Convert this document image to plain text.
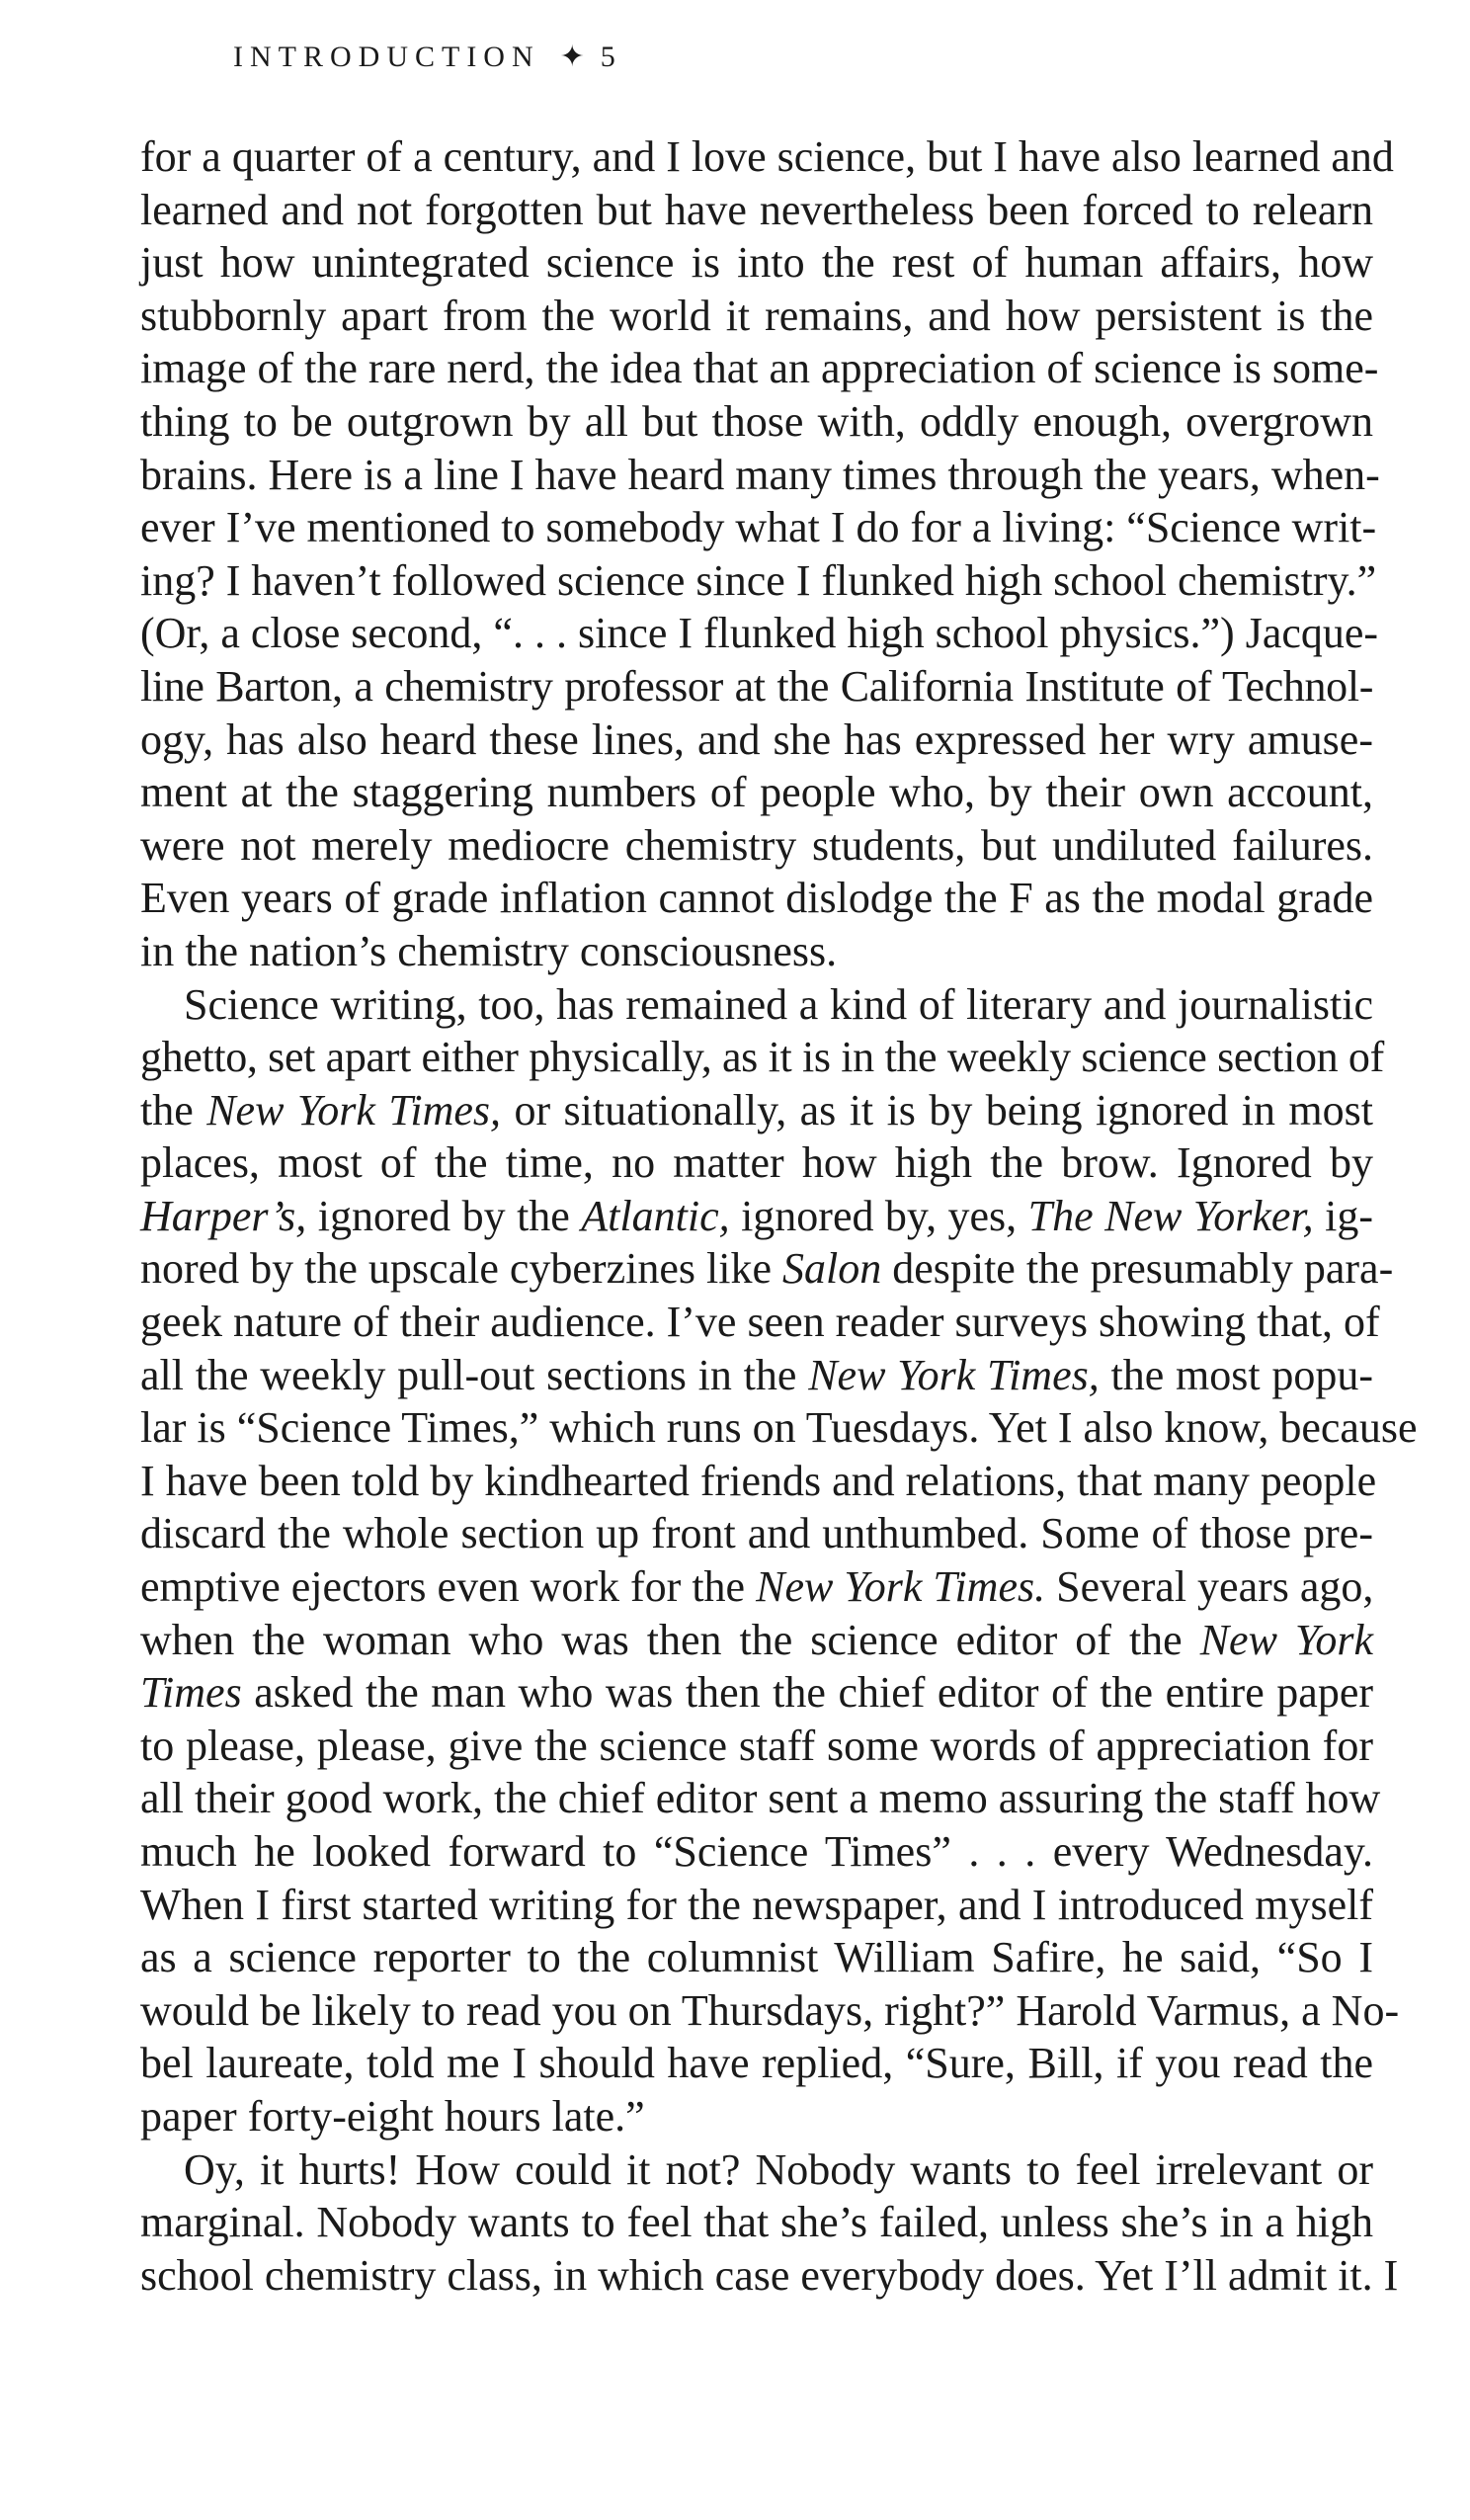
INTRODUCTION ✦ 5
for a quarter of a century, and I love science, but I have also learned and
learned and not forgotten but have nevertheless been forced to relearn
just how unintegrated science is into the rest of human affairs, how
stubbornly apart from the world it remains, and how persistent is the
image of the rare nerd, the idea that an appreciation of science is some-
thing to be outgrown by all but those with, oddly enough, overgrown
brains. Here is a line I have heard many times through the years, when-
ever I’ve mentioned to somebody what I do for a living: “Science writ-
ing? I haven’t followed science since I flunked high school chemistry.”
(Or, a close second, “. . . since I flunked high school physics.”) Jacque-
line Barton, a chemistry professor at the California Institute of Technol-
ogy, has also heard these lines, and she has expressed her wry amuse-
ment at the staggering numbers of people who, by their own account,
were not merely mediocre chemistry students, but undiluted failures.
Even years of grade inflation cannot dislodge the F as the modal grade
in the nation’s chemistry consciousness.
Science writing, too, has remained a kind of literary and journalistic
ghetto, set apart either physically, as it is in the weekly science section of
the New York Times, or situationally, as it is by being ignored in most
places, most of the time, no matter how high the brow. Ignored by
Harper’s, ignored by the Atlantic, ignored by, yes, The New Yorker, ig-
nored by the upscale cyberzines like Salon despite the presumably para-
geek nature of their audience. I’ve seen reader surveys showing that, of
all the weekly pull-out sections in the New York Times, the most popu-
lar is “Science Times,” which runs on Tuesdays. Yet I also know, because
I have been told by kindhearted friends and relations, that many people
discard the whole section up front and unthumbed. Some of those pre-
emptive ejectors even work for the New York Times. Several years ago,
when the woman who was then the science editor of the New York
Times asked the man who was then the chief editor of the entire paper
to please, please, give the science staff some words of appreciation for
all their good work, the chief editor sent a memo assuring the staff how
much he looked forward to “Science Times” . . . every Wednesday.
When I first started writing for the newspaper, and I introduced myself
as a science reporter to the columnist William Safire, he said, “So I
would be likely to read you on Thursdays, right?” Harold Varmus, a No-
bel laureate, told me I should have replied, “Sure, Bill, if you read the
paper forty-eight hours late.”
Oy, it hurts! How could it not? Nobody wants to feel irrelevant or
marginal. Nobody wants to feel that she’s failed, unless she’s in a high
school chemistry class, in which case everybody does. Yet I’ll admit it. I
